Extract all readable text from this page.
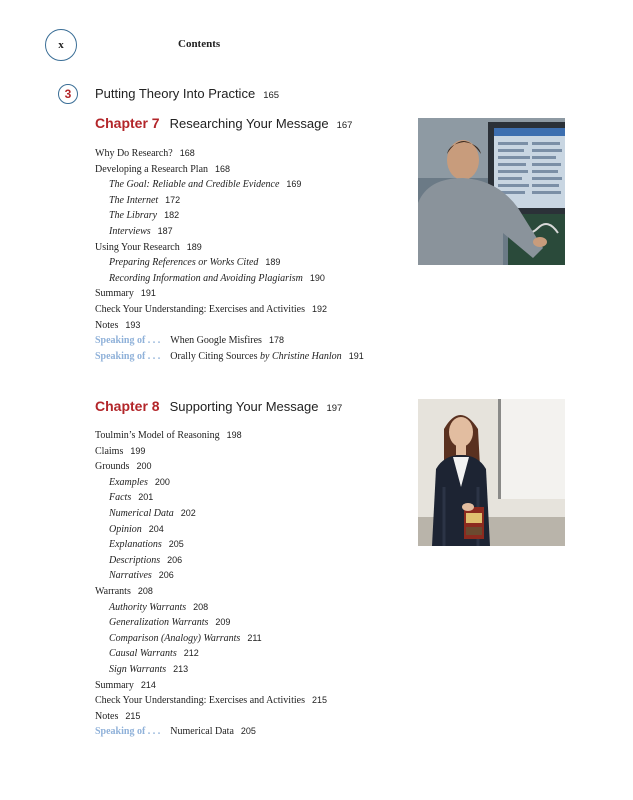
x	Contents
3	Putting Theory Into Practice 165
Chapter 7 Researching Your Message 167
Why Do Research? 168
Developing a Research Plan 168
The Goal: Reliable and Credible Evidence 169
The Internet 172
The Library 182
Interviews 187
Using Your Research 189
Preparing References or Works Cited 189
Recording Information and Avoiding Plagiarism 190
Summary 191
Check Your Understanding: Exercises and Activities 192
Notes 193
Speaking of . . . When Google Misfires 178
Speaking of . . . Orally Citing Sources by Christine Hanlon 191
Chapter 8 Supporting Your Message 197
Toulmin’s Model of Reasoning 198
Claims 199
Grounds 200
Examples 200
Facts 201
Numerical Data 202
Opinion 204
Explanations 205
Descriptions 206
Narratives 206
Warrants 208
Authority Warrants 208
Generalization Warrants 209
Comparison (Analogy) Warrants 211
Causal Warrants 212
Sign Warrants 213
Summary 214
Check Your Understanding: Exercises and Activities 215
Notes 215
Speaking of . . . Numerical Data 205
